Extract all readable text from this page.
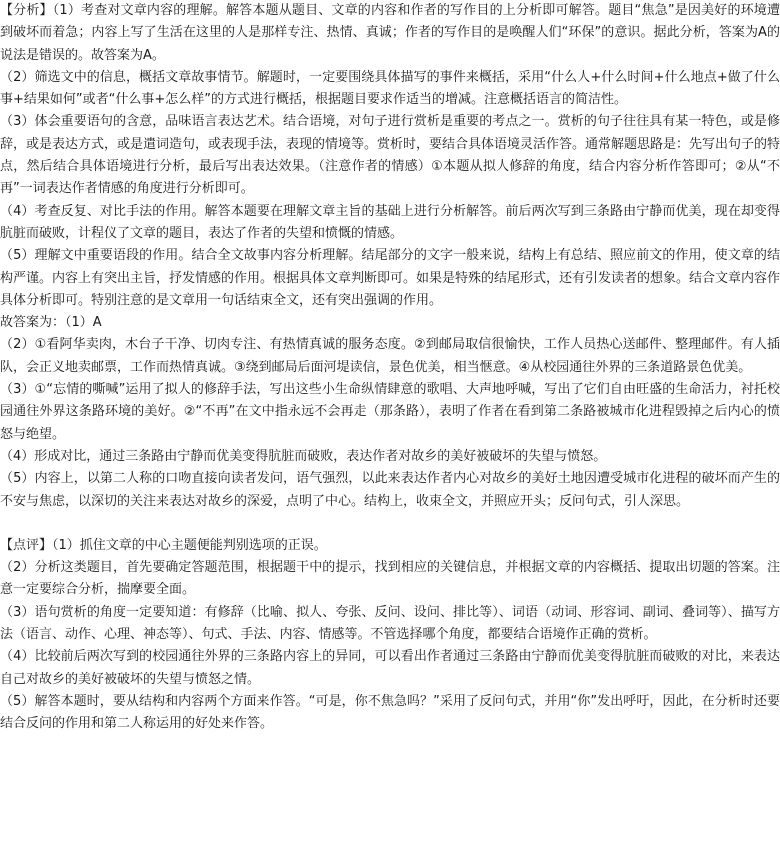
【分析】（1）考查对文章内容的理解。解答本题从题目、文章的内容和作者的写作目的上分析即可解答。题目“焦急”是因美好的环境遭到破坏而着急；内容上写了生活在这里的人是那样专注、热情、真诚；作者的写作目的是唤醒人们“环保”的意识。据此分析，答案为A的说法是错误的。故答案为A。

（2）筛选文中的信息，概括文章故事情节。解题时，一定要围绕具体描写的事件来概括，采用“什么人+什么时间+什么地点+做了什么事+结果如何”或者“什么事+怎么样”的方式进行概括，根据题目要求作适当的增减。注意概括语言的简洁性。

（3）体会重要语句的含意，品味语言表达艺术。结合语境，对句子进行赏析是重要的考点之一。赏析的句子往往具有某一特色，或是修辞，或是表达方式，或是遣词造句，或表现手法，表现的情境等。赏析时，要结合具体语境灵活作答。通常解题思路是：先写出句子的特点，然后结合具体语境进行分析，最后写出表达效果。（注意作者的情感）①本题从拟人修辞的角度，结合内容分析作答即可；②从“不再”一词表达作者情感的角度进行分析即可。

（4）考查反复、对比手法的作用。解答本题要在理解文章主旨的基础上进行分析解答。前后两次写到三条路由宁静而优美，现在却变得肮脏而破败，计程仪了文章的题目，表达了作者的失望和愤慨的情感。

（5）理解文中重要语段的作用。结合全文故事内容分析理解。结尾部分的文字一般来说，结构上有总结、照应前文的作用，使文章的结构严谨。内容上有突出主旨，抒发情感的作用。根据具体文章判断即可。如果是特殊的结尾形式，还有引发读者的想象。结合文章内容作具体分析即可。特别注意的是文章用一句话结束全文，还有突出强调的作用。

故答案为：（1）A

（2）①看阿华卖肉，木台子干净、切肉专注、有热情真诚的服务态度。②到邮局取信很愉快，工作人员热心送邮件、整理邮件。有人插队，会正义地卖邮票，工作而热情真诚。③绕到邮局后面河堤读信，景色优美，相当惬意。④从校园通往外界的三条道路景色优美。

（3）①“忘情的嘶喊”运用了拟人的修辞手法，写出这些小生命纵情肆意的歌唱、大声地呼喊，写出了它们自由旺盛的生命活力，衬托校园通往外界这条路环境的美好。②“不再”在文中指永远不会再走（那条路），表明了作者在看到第二条路被城市化进程毁掉之后内心的愤怒与绝望。

（4）形成对比，通过三条路由宁静而优美变得肮脏而破败，表达作者对故乡的美好被破坏的失望与愤怒。

（5）内容上，以第二人称的口吻直接向读者发问，语气强烈，以此来表达作者内心对故乡的美好土地因遭受城市化进程的破坏而产生的不安与焦虑，以深切的关注来表达对故乡的深爱，点明了中心。结构上，收束全文，并照应开头；反问句式，引人深思。

【点评】（1）抓住文章的中心主题便能判别选项的正误。

（2）分析这类题目，首先要确定答题范围，根据题干中的提示，找到相应的关键信息，并根据文章的内容概括、提取出切题的答案。注意一定要综合分析，揣摩要全面。

（3）语句赏析的角度一定要知道：有修辞（比喻、拟人、夸张、反问、设问、排比等）、词语（动词、形容词、副词、叠词等）、描写方法（语言、动作、心理、神态等）、句式、手法、内容、情感等。不管选择哪个角度，都要结合语境作正确的赏析。

（4）比较前后两次写到的校园通往外界的三条路内容上的异同，可以看出作者通过三条路由宁静而优美变得肮脏而破败的对比，来表达自己对故乡的美好被破坏的失望与愤怒之情。

（5）解答本题时，要从结构和内容两个方面来作答。“可是，你不焦急吗？”采用了反问句式，并用“你”发出呼吁，因此，在分析时还要结合反问的作用和第二人称运用的好处来作答。
